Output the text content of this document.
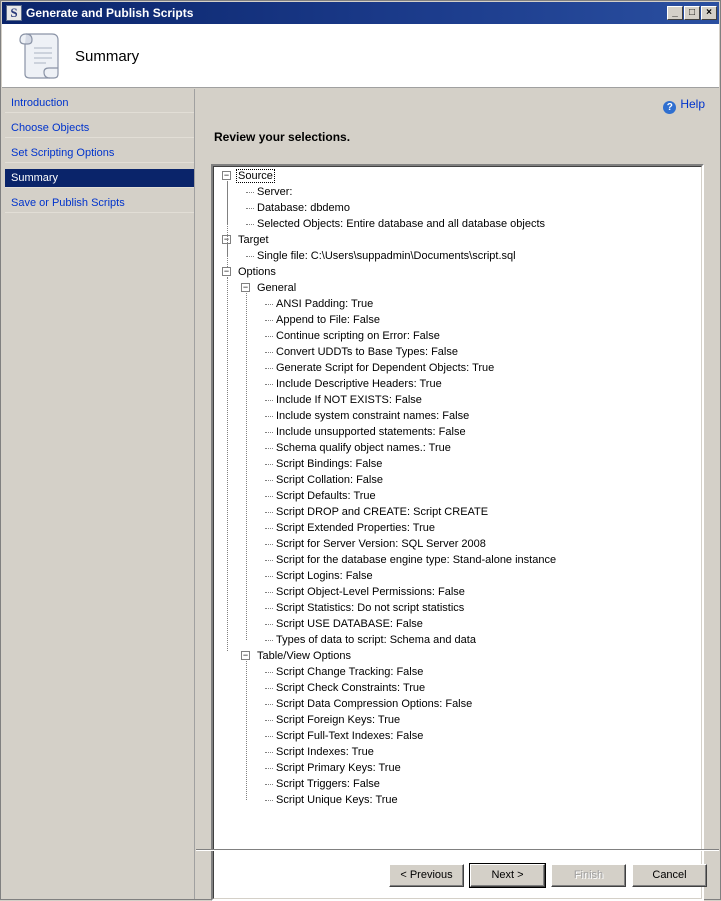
S Generate and Publish Scripts	_	□	×
Summary
Introduction
Choose Objects
Set Scripting Options
Summary
Save or Publish Scripts
? Help
Review your selections.
− Source
Server:
Database: dbdemo
Selected Objects: Entire database and all database objects
− Target
Single file: C:\Users\suppadmin\Documents\script.sql
− Options
− General
ANSI Padding: True
Append to File: False
Continue scripting on Error: False
Convert UDDTs to Base Types: False
Generate Script for Dependent Objects: True
Include Descriptive Headers: True
Include If NOT EXISTS: False
Include system constraint names: False
Include unsupported statements: False
Schema qualify object names.: True
Script Bindings: False
Script Collation: False
Script Defaults: True
Script DROP and CREATE: Script CREATE
Script Extended Properties: True
Script for Server Version: SQL Server 2008
Script for the database engine type: Stand-alone instance
Script Logins: False
Script Object-Level Permissions: False
Script Statistics: Do not script statistics
Script USE DATABASE: False
Types of data to script: Schema and data
− Table/View Options
Script Change Tracking: False
Script Check Constraints: True
Script Data Compression Options: False
Script Foreign Keys: True
Script Full-Text Indexes: False
Script Indexes: True
Script Primary Keys: True
Script Triggers: False
Script Unique Keys: True
< Previous	Next >	Finish	Cancel
